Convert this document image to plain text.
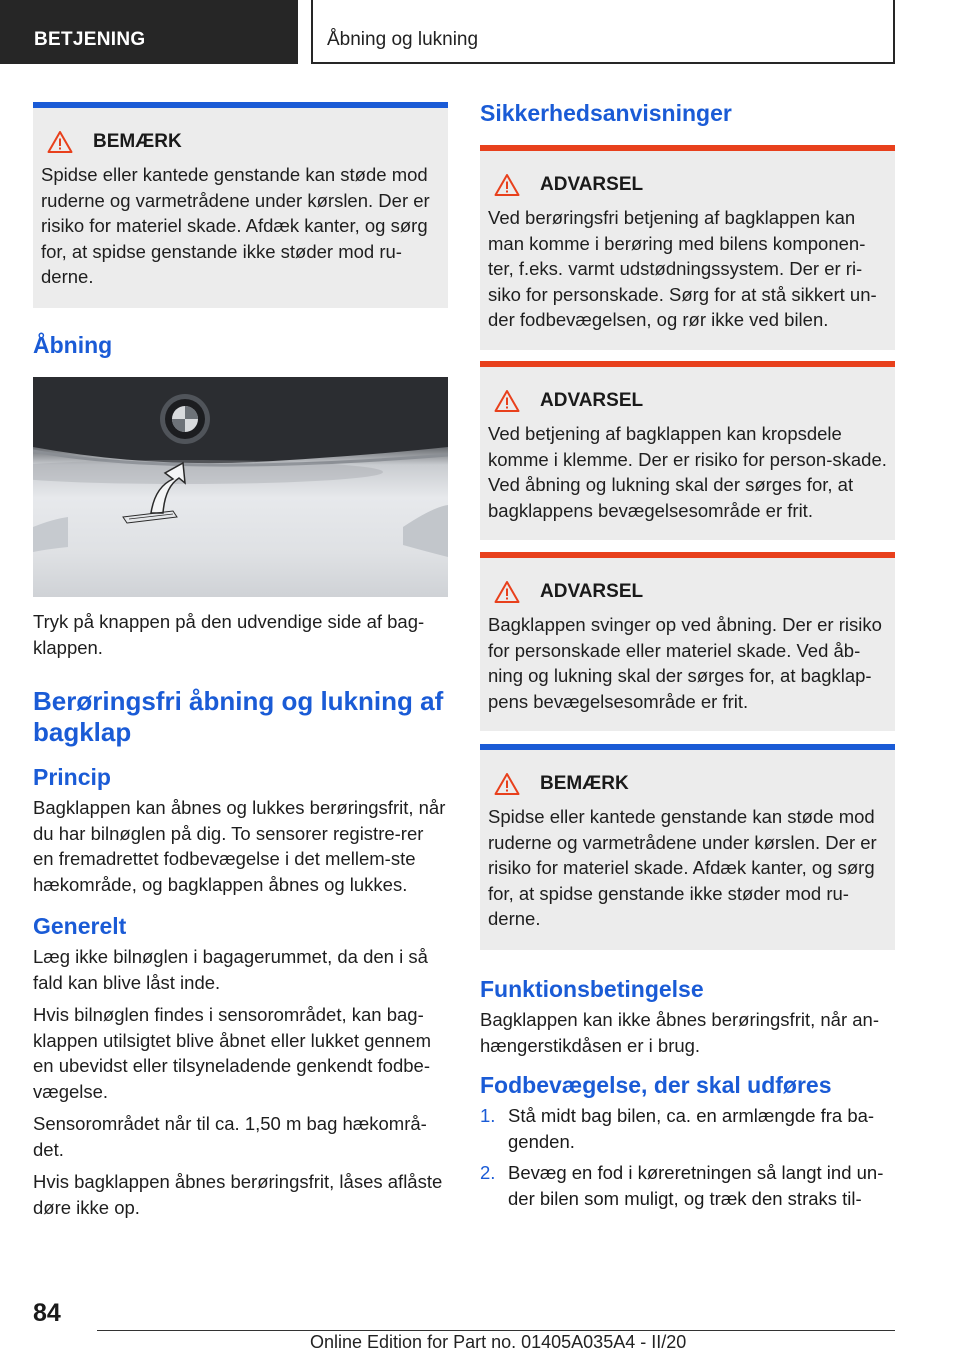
BETJENING	Åbning og lukning
BEMÆRK

Spidse eller kantede genstande kan støde mod ruderne og varmetrådene under kørslen. Der er risiko for materiel skade. Afdæk kanter, og sørg for, at spidse genstande ikke støder mod ru-derne.

Åbning

Tryk på knappen på den udvendige side af bag-klappen.

Berøringsfri åbning og lukning af bagklap
Princip

Bagklappen kan åbnes og lukkes berøringsfrit, når du har bilnøglen på dig. To sensorer registre-rer en fremadrettet fodbevægelse i det mellem-ste hækområde, og bagklappen åbnes og lukkes.

Generelt

Læg ikke bilnøglen i bagagerummet, da den i så fald kan blive låst inde.

Hvis bilnøglen findes i sensorområdet, kan bag-klappen utilsigtet blive åbnet eller lukket gennem en ubevidst eller tilsyneladende genkendt fodbe-vægelse.

Sensorområdet når til ca. 1,50 m bag hækområ-det.

Hvis bagklappen åbnes berøringsfrit, låses aflåste døre ikke op.

Sikkerhedsanvisninger
ADVARSEL

Ved berøringsfri betjening af bagklappen kan man komme i berøring med bilens komponen-ter, f.eks. varmt udstødningssystem. Der er ri-siko for personskade. Sørg for at stå sikkert un-der fodbevægelsen, og rør ikke ved bilen.

ADVARSEL

Ved betjening af bagklappen kan kropsdele komme i klemme. Der er risiko for person-skade. Ved åbning og lukning skal der sørges for, at bagklappens bevægelsesområde er frit.

ADVARSEL

Bagklappen svinger op ved åbning. Der er risiko for personskade eller materiel skade. Ved åb-ning og lukning skal der sørges for, at bagklap-pens bevægelsesområde er frit.

BEMÆRK

Spidse eller kantede genstande kan støde mod ruderne og varmetrådene under kørslen. Der er risiko for materiel skade. Afdæk kanter, og sørg for, at spidse genstande ikke støder mod ru-derne.

Funktionsbetingelse

Bagklappen kan ikke åbnes berøringsfrit, når an-hængerstikdåsen er i brug.

Fodbevægelse, der skal udføres
1. Stå midt bag bilen, ca. en armlængde fra ba-genden.
2. Bevæg en fod i køreretningen så langt ind un-der bilen som muligt, og træk den straks til-
84
Online Edition for Part no. 01405A035A4 - II/20
